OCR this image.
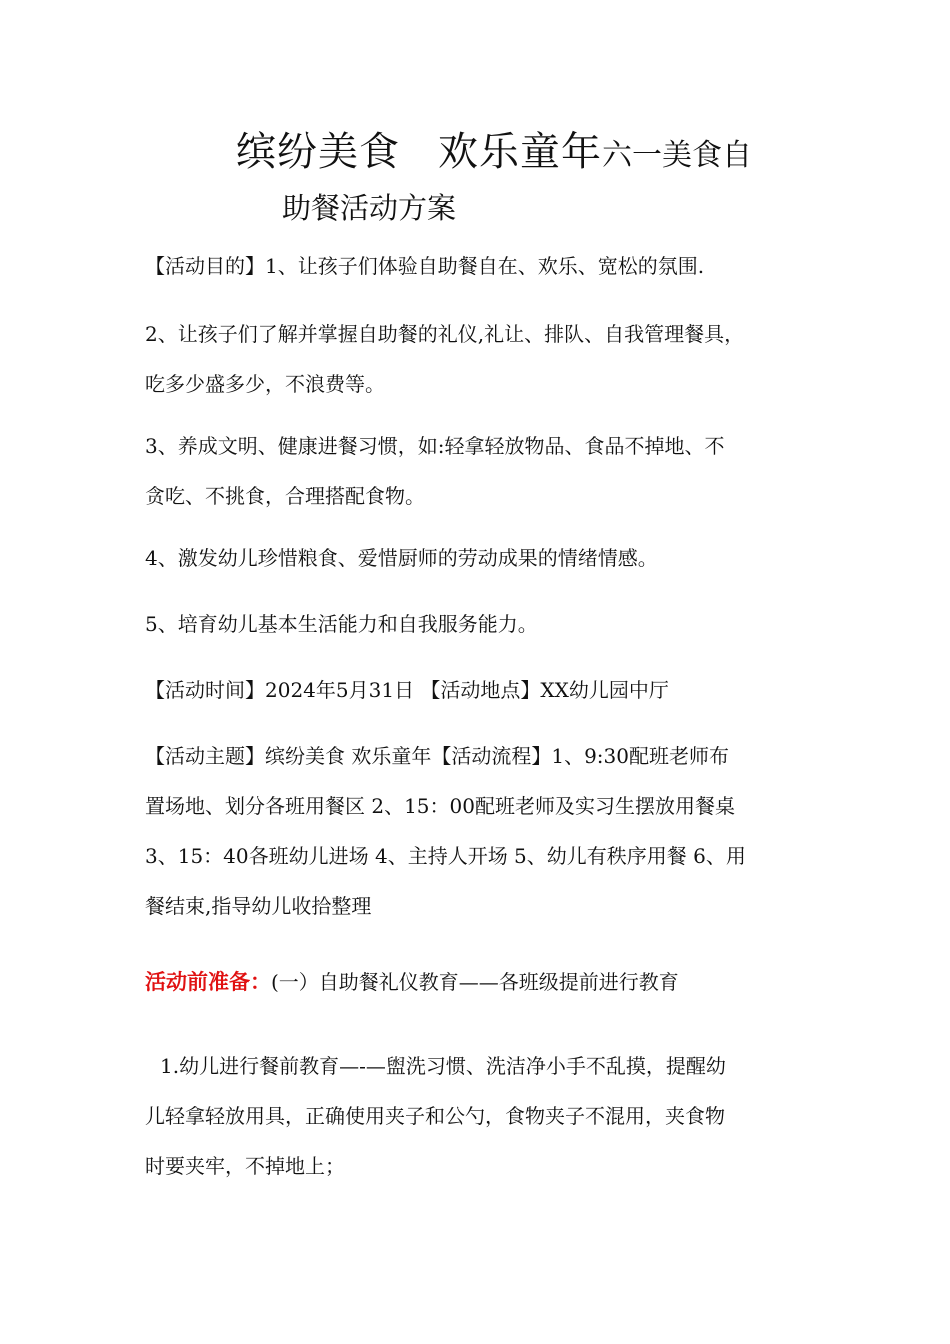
缤纷美食 欢乐童年六一美食自
助餐活动方案
【活动目的】1、让孩子们体验自助餐自在、欢乐、宽松的氛围.
2、让孩子们了解并掌握自助餐的礼仪,礼让、排队、自我管理餐具，
吃多少盛多少，不浪费等。
3、养成文明、健康进餐习惯，如:轻拿轻放物品、食品不掉地、不
贪吃、不挑食，合理搭配食物。
4、激发幼儿珍惜粮食、爱惜厨师的劳动成果的情绪情感。
5、培育幼儿基本生活能力和自我服务能力。
【活动时间】2024年5月31日 【活动地点】XX幼儿园中厅
【活动主题】缤纷美食 欢乐童年【活动流程】1、9:30配班老师布
置场地、划分各班用餐区 2、15：00配班老师及实习生摆放用餐桌
3、15：40各班幼儿进场 4、主持人开场 5、幼儿有秩序用餐 6、用
餐结束,指导幼儿收拾整理
活动前准备：(一）自助餐礼仪教育——各班级提前进行教育
1.幼儿进行餐前教育—-—盥洗习惯、洗洁净小手不乱摸，提醒幼
儿轻拿轻放用具，正确使用夹子和公勺，食物夹子不混用，夹食物
时要夹牢，不掉地上；
